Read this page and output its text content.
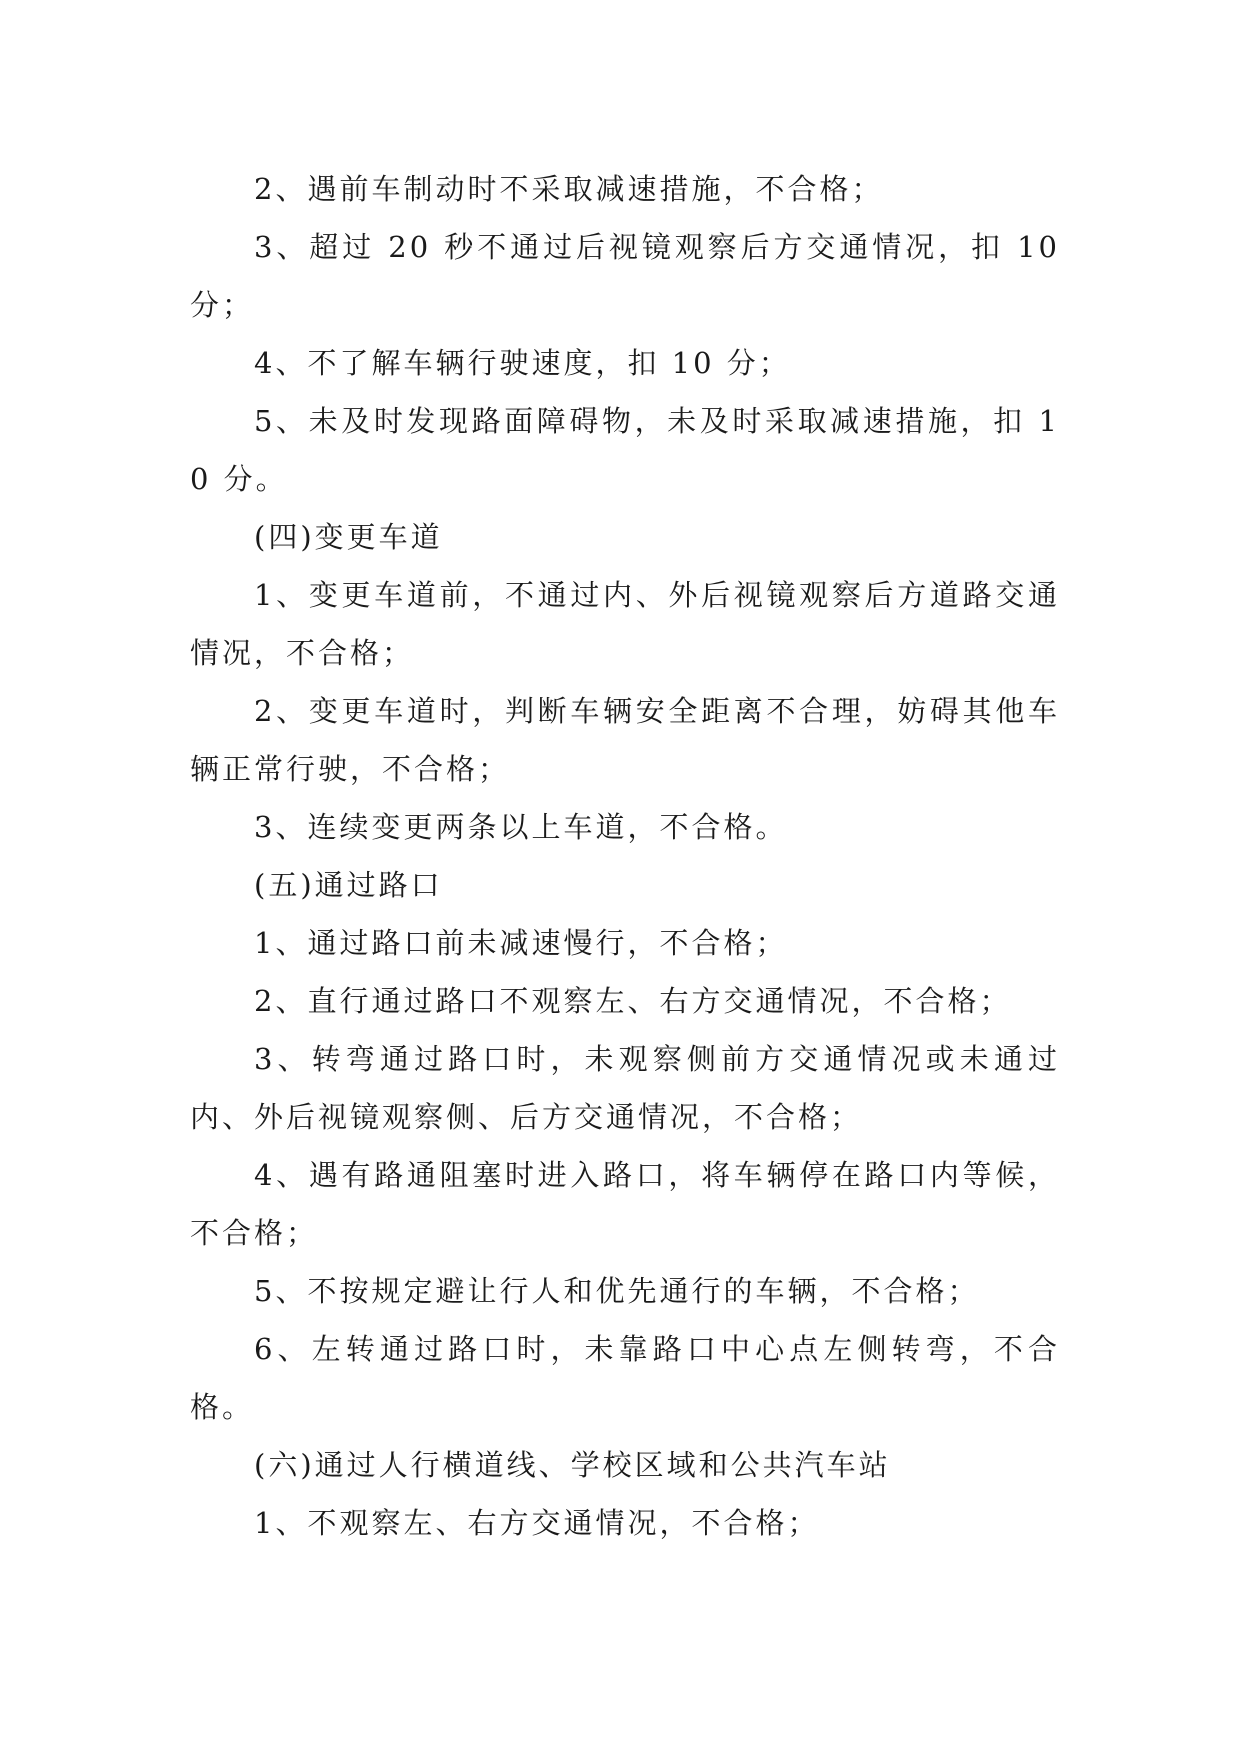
2、遇前车制动时不采取减速措施，不合格；

3、超过 20 秒不通过后视镜观察后方交通情况，扣 10 分；

4、不了解车辆行驶速度，扣 10 分；

5、未及时发现路面障碍物，未及时采取减速措施，扣 10 分。

(四)变更车道

1、变更车道前，不通过内、外后视镜观察后方道路交通情况，不合格；

2、变更车道时，判断车辆安全距离不合理，妨碍其他车辆正常行驶，不合格；

3、连续变更两条以上车道，不合格。

(五)通过路口

1、通过路口前未减速慢行，不合格；

2、直行通过路口不观察左、右方交通情况，不合格；

3、转弯通过路口时，未观察侧前方交通情况或未通过内、外后视镜观察侧、后方交通情况，不合格；

4、遇有路通阻塞时进入路口，将车辆停在路口内等候，不合格；

5、不按规定避让行人和优先通行的车辆，不合格；

6、左转通过路口时，未靠路口中心点左侧转弯，不合格。

(六)通过人行横道线、学校区域和公共汽车站

1、不观察左、右方交通情况，不合格；
